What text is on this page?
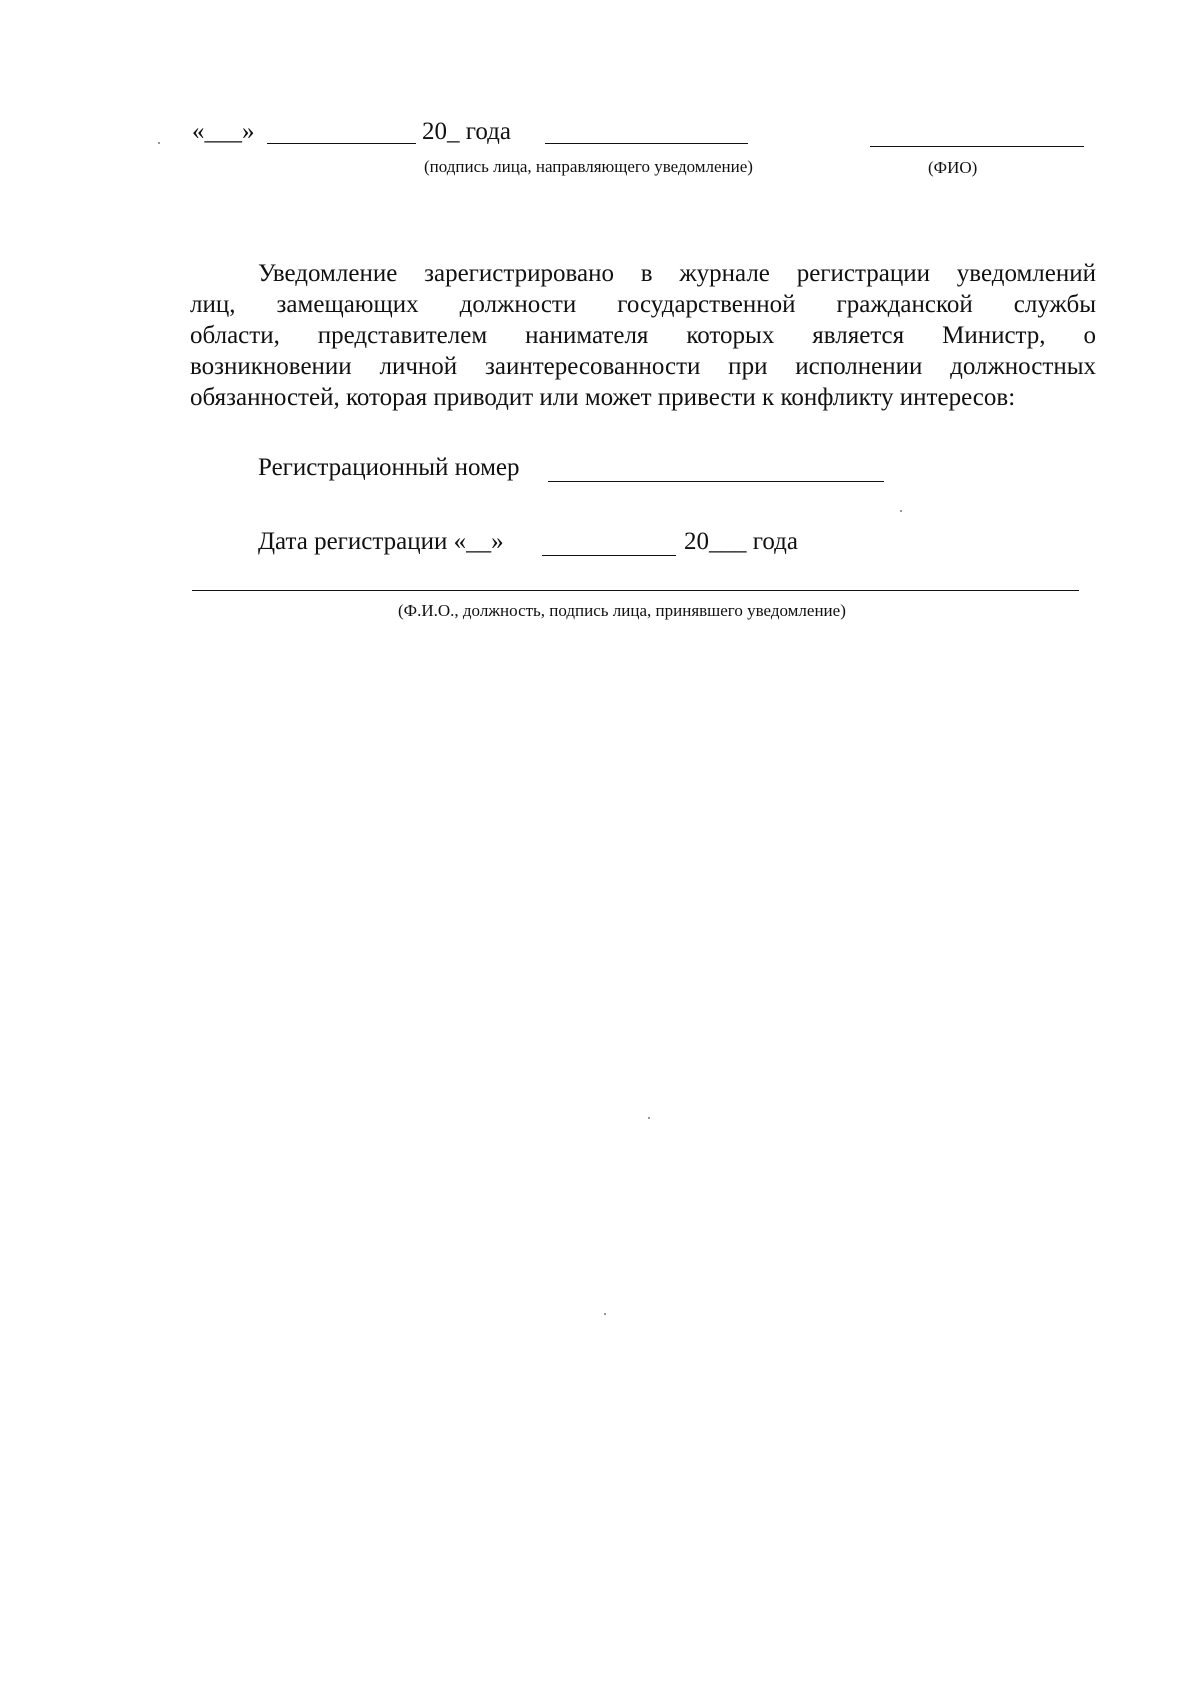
«___»	20_ года
(подпись лица, направляющего уведомление)	(ФИО)
Уведомление зарегистрировано в журнале регистрации уведомлений
лиц, замещающих должности государственной гражданской службы
области, представителем нанимателя которых является Министр, о
возникновении личной заинтересованности при исполнении должностных
обязанностей, которая приводит или может привести к конфликту интересов:
Регистрационный номер
Дата регистрации «__»	20___ года
(Ф.И.О., должность, подпись лица, принявшего уведомление)
